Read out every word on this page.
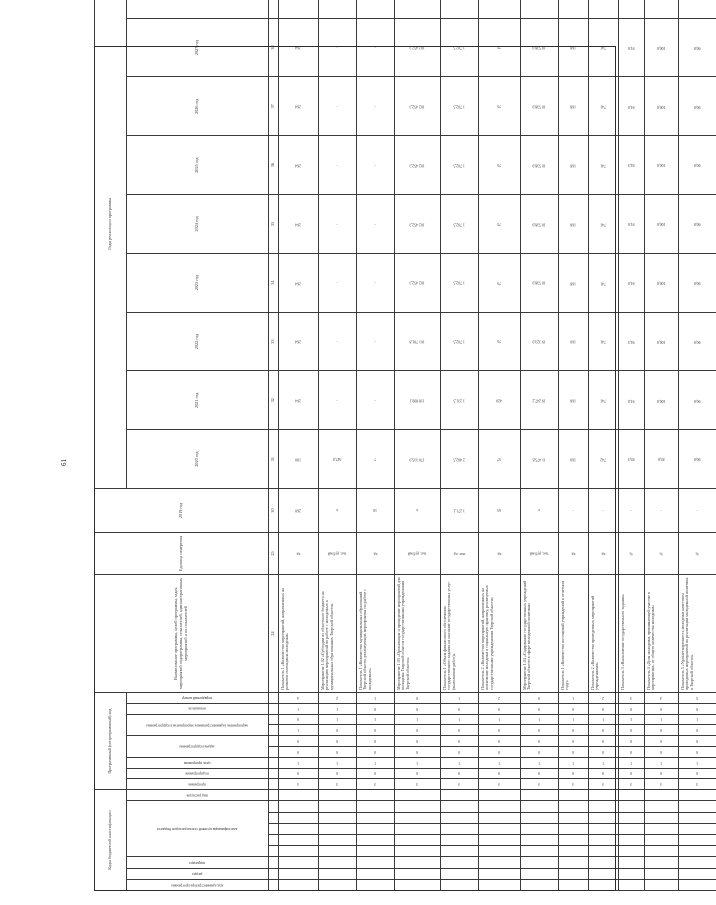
61
Коды бюджетной классификации
Программный (непрограммный) код
Наименование программы, целей программы, задач, мероприятий подпрограммы, показателей, административных мероприятий и их показателей
Единица измерения
2019 год
Годы реализации программы
код администратора программы
раздел
подраздел
классификация целевой статьи расходов бюджета
вид расходов
программа
подпрограмма
цель программы
задача подпрограммы
мероприятие (административное мероприятие) подпрограммы
показатель
порядковый номер
2020 год
2021 год
2022 год
2023 год
2024 год
2025 год
2026 год
2027 год
24
25
30
31
32
33
34
35
36
37
38
3
0
1
0
0
1
0
1
4
Показатель 1 «Количество мероприятий, направленных на развитие потенциала молодежи»
ед.
260
190
264
264
264
264
264
264
264
3
0
1
0
0
0
1
1
2
Мероприятие 1.02 «Субсидии из областного бюджета на реализацию мероприятий по работе с молодежью в муниципальных образованиях Тверской области»
тыс. рублей
х
547,0
-
-
-
-
-
-
-
3
0
1
0
0
0
1
0
1
Показатель 1 «Количество муниципальных образований Тверской области, реализующих мероприятия по работе с молодежью»
ед.
10
7
-
-
-
-
-
-
-
3
0
1
0
0
0
1
0
0
Мероприятие 1.03 «Организация и проведение мероприятий для молодежи Тверской области государственными учреждениями Тверской области»
тыс. рублей
х
170 335,9
118 899,1
101 701,8
102 452,3
102 452,3
102 452,3
102 452,3
102 452,3
3
0
1
0
0
0
1
0
1
Показатель 1 «Объем финансового обеспечения государственного задания на оказание государственных услуг (выполнение работ)»
тыс. ед.
1 271,1
2 402,5
1 231,5
1 702,5
1 702,5
1 702,5
1 702,5
1 702,5
1 702,5
3
0
1
0
0
0
1
0
2
Показатель 2 «Количество мероприятий, направленных на вовлечение молодежи в социальную практику, реализуемых государственными учреждениями Тверской области»
ед.
63
57
420
75
75
75
75
75
75
3
0
1
0
0
0
1
0
0
Мероприятие 1.04 «Содержание государственных учреждений Тверской области в сфере молодежной политики»
тыс. рублей
х
11 475,8
19 247,2
19 323,0
10 538,0
10 538,0
10 538,0
10 538,0
10 538,0
3
0
1
0
0
0
1
0
1
Показатель 1 «Количество посещений учреждений в отчетном году»
ед.
-
160
168
160
168
168
168
168
168
3
0
1
0
0
0
1
0
2
Показатель 2 «Количество проведенных мероприятий учреждениями»
ед.
-
742
741
741
741
741
741
741
741
3
0
1
0
0
0
1
0
3
Показатель 3 «Выполнение государственного задания»
%
-
85,5
91,0
92,5
91,0
91,0
92,5
91,0
91,0
3
0
1
0
0
0
1
0
4
Показатель 4 «Доля молодежи, принимающей участие в мероприятиях, от общего количества молодежи»
%
-
85,0
100,0
100,0
100,0
100,0
100,0
100,0
100,0
3
0
1
0
0
0
1
0
5
Показатель 5 «Удовлетворенность молодежи качеством проводимых мероприятий по реализации молодежной политики в Тверской области»
%
-
90,0
90,0
90,0
90,0
90,0
90,0
90,0
90,0
